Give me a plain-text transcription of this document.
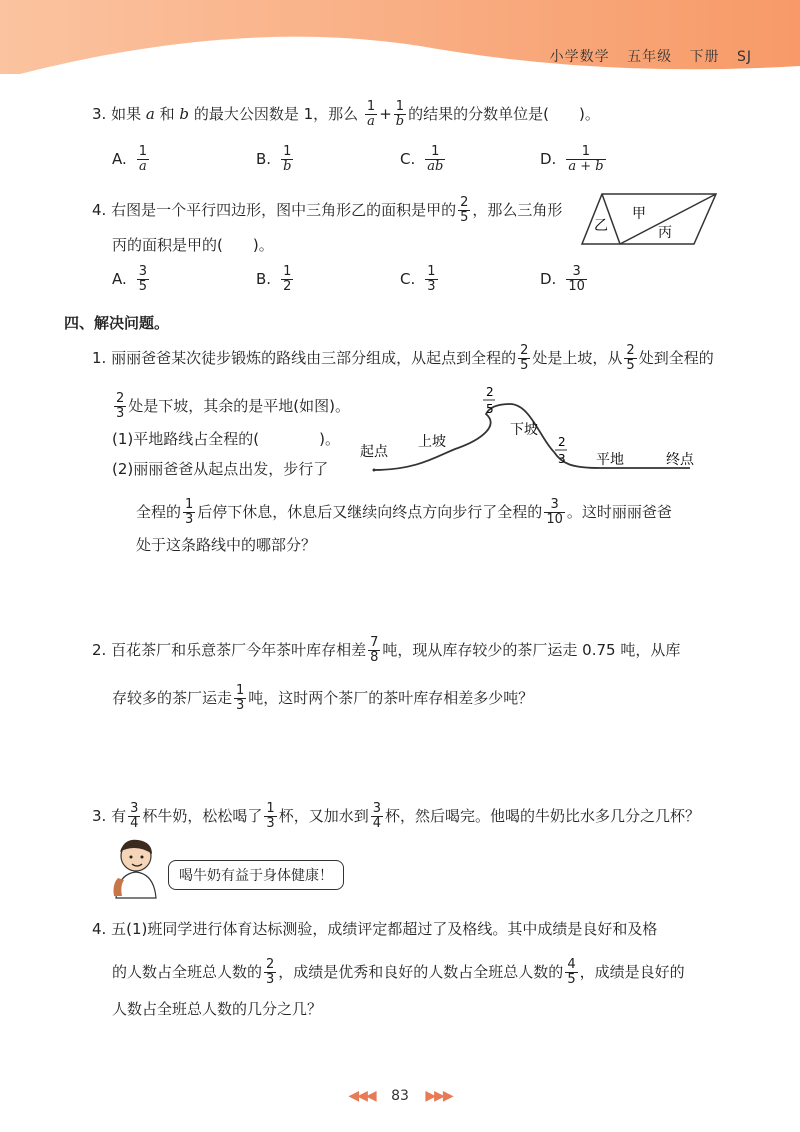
小学数学 五年级 下册 SJ
3. 如果 a 和 b 的最大公因数是 1，那么 $\frac{1}{a} + \frac{1}{b}$ 的结果的分数单位是(　　)。
A. $\frac{1}{a}$	B. $\frac{1}{b}$	C. $\frac{1}{ab}$	D. $\frac{1}{a + b}$
4. 右图是一个平行四边形，图中三角形乙的面积是甲的 $\frac{2}{5}$ ，那么三角形
丙的面积是甲的(　　)。
乙
甲
丙
A. $\frac{3}{5}$	B. $\frac{1}{2}$	C. $\frac{1}{3}$	D. $\frac{3}{10}$
四、解决问题。
1. 丽丽爸爸某次徒步锻炼的路线由三部分组成，从起点到全程的 $\frac{2}{5}$ 处是上坡，从 $\frac{2}{5}$ 处到全程的
$\frac{2}{3}$ 处是下坡，其余的是平地(如图)。
(1)平地路线占全程的(　　　　)。
(2)丽丽爸爸从起点出发，步行了
起点
上坡
下坡
平地	终点
2
5
2
3
全程的 $\frac{1}{3}$ 后停下休息，休息后又继续向终点方向步行了全程的 $\frac{3}{10}$ 。这时丽丽爸爸
处于这条路线中的哪部分？
2. 百花茶厂和乐意茶厂今年茶叶库存相差 $\frac{7}{8}$ 吨，现从库存较少的茶厂运走 0.75 吨，从库
存较多的茶厂运走 $\frac{1}{3}$ 吨，这时两个茶厂的茶叶库存相差多少吨？
3. 有 $\frac{3}{4}$ 杯牛奶，松松喝了 $\frac{1}{3}$ 杯，又加水到 $\frac{3}{4}$ 杯，然后喝完。他喝的牛奶比水多几分之几杯？
喝牛奶有益于身体健康！
4. 五(1)班同学进行体育达标测验，成绩评定都超过了及格线。其中成绩是良好和及格
的人数占全班总人数的 $\frac{2}{3}$ ，成绩是优秀和良好的人数占全班总人数的 $\frac{4}{5}$ ，成绩是良好的
人数占全班总人数的几分之几？
◀◀◀ 83 ▶▶▶
